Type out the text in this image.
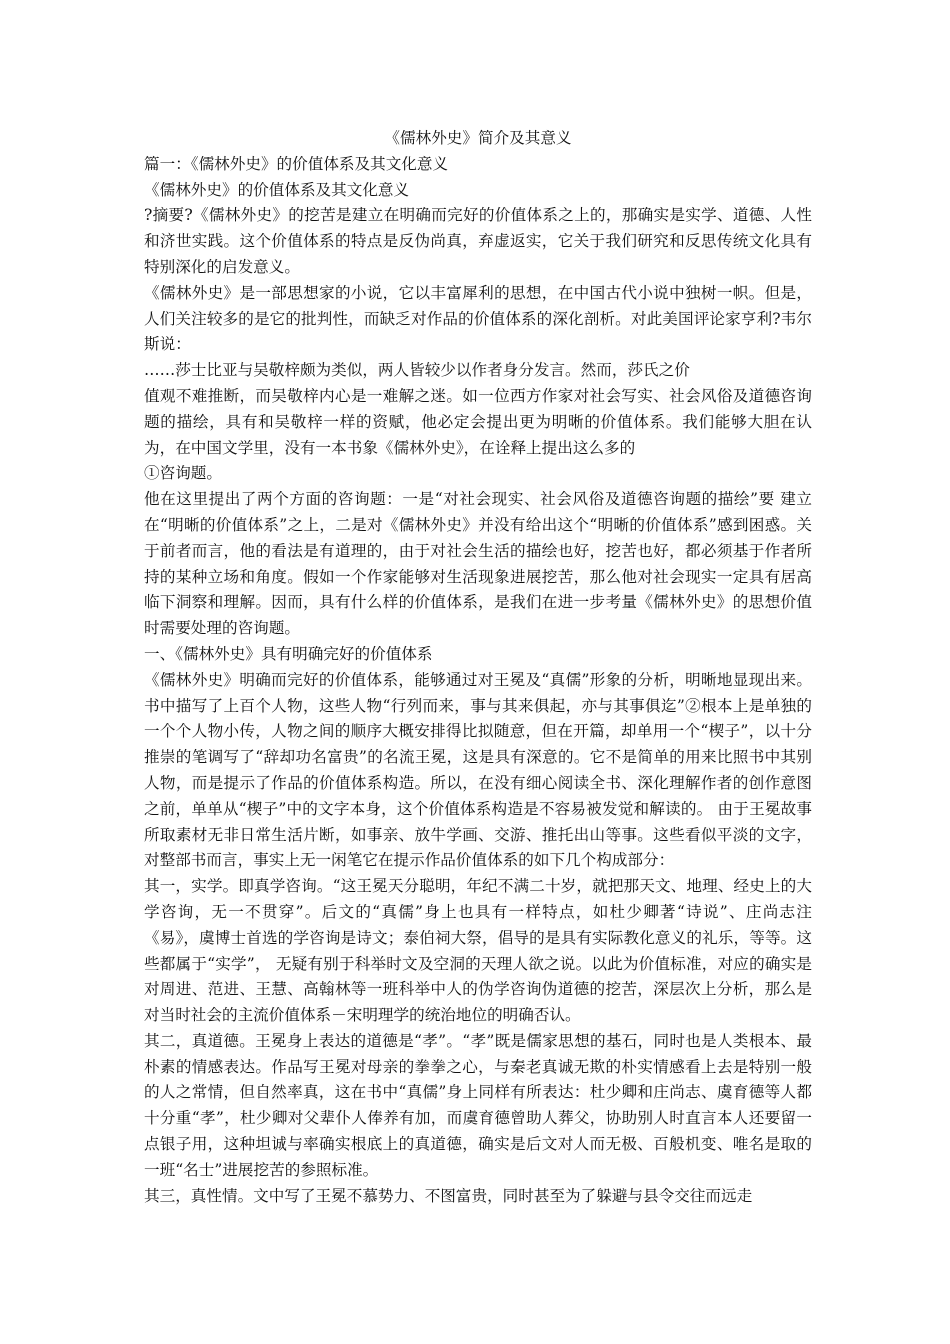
《儒林外史》简介及其意义

篇一：《儒林外史》的价值体系及其文化意义

《儒林外史》的价值体系及其文化意义

?摘要?《儒林外史》的挖苦是建立在明确而完好的价值体系之上的，那确实是实学、道德、人性和济世实践。这个价值体系的特点是反伪尚真，弃虚返实，它关于我们研究和反思传统文化具有特别深化的启发意义。

《儒林外史》是一部思想家的小说，它以丰富犀利的思想，在中国古代小说中独树一帜。但是，人们关注较多的是它的批判性，而缺乏对作品的价值体系的深化剖析。对此美国评论家亨利?韦尔斯说：

……莎士比亚与吴敬梓颇为类似，两人皆较少以作者身分发言。然而，莎氏之价

值观不难推断，而吴敬梓内心是一难解之迷。如一位西方作家对社会写实、社会风俗及道德咨询题的描绘，具有和吴敬梓一样的资赋，他必定会提出更为明晰的价值体系。我们能够大胆在认为，在中国文学里，没有一本书象《儒林外史》，在诠释上提出这么多的

①咨询题。

他在这里提出了两个方面的咨询题：一是“对社会现实、社会风俗及道德咨询题的描绘”要 建立在“明晰的价值体系”之上，二是对《儒林外史》并没有给出这个“明晰的价值体系”感到困惑。关于前者而言，他的看法是有道理的，由于对社会生活的描绘也好，挖苦也好，都必须基于作者所持的某种立场和角度。假如一个作家能够对生活现象进展挖苦，那么他对社会现实一定具有居高临下洞察和理解。因而，具有什么样的价值体系，是我们在进一步考量《儒林外史》的思想价值时需要处理的咨询题。

一、《儒林外史》具有明确完好的价值体系

《儒林外史》明确而完好的价值体系，能够通过对王冕及“真儒”形象的分析，明晰地显现出来。书中描写了上百个人物，这些人物“行列而来，事与其来俱起，亦与其事俱迄”②根本上是单独的一个个人物小传，人物之间的顺序大概安排得比拟随意，但在开篇，却单用一个“楔子”，以十分推崇的笔调写了“辞却功名富贵”的名流王冕，这是具有深意的。它不是简单的用来比照书中其别人物，而是提示了作品的价值体系构造。所以，在没有细心阅读全书、深化理解作者的创作意图之前，单单从“楔子”中的文字本身，这个价值体系构造是不容易被发觉和解读的。 由于王冕故事所取素材无非日常生活片断，如事亲、放牛学画、交游、推托出山等事。这些看似平淡的文字，对整部书而言，事实上无一闲笔它在提示作品价值体系的如下几个构成部分：

其一，实学。即真学咨询。“这王冕天分聪明，年纪不满二十岁，就把那天文、地理、经史上的大学咨询，无一不贯穿”。后文的“真儒”身上也具有一样特点，如杜少卿著“诗说”、庄尚志注《易》，虞博士首选的学咨询是诗文；泰伯祠大祭，倡导的是具有实际教化意义的礼乐，等等。这些都属于“实学”， 无疑有别于科举时文及空洞的天理人欲之说。以此为价值标准，对应的确实是对周进、范进、王慧、高翰林等一班科举中人的伪学咨询伪道德的挖苦，深层次上分析，那么是对当时社会的主流价值体系－宋明理学的统治地位的明确否认。

其二，真道德。王冕身上表达的道德是“孝”。“孝”既是儒家思想的基石，同时也是人类根本、最朴素的情感表达。作品写王冕对母亲的拳拳之心，与秦老真诚无欺的朴实情感看上去是特别一般的人之常情，但自然率真，这在书中“真儒”身上同样有所表达：杜少卿和庄尚志、虞育德等人都十分重“孝”，杜少卿对父辈仆人俸养有加，而虞育德曾助人葬父，协助别人时直言本人还要留一点银子用，这种坦诚与率确实根底上的真道德，确实是后文对人而无极、百般机变、唯名是取的一班“名士”进展挖苦的参照标准。

其三，真性情。文中写了王冕不慕势力、不图富贵，同时甚至为了躲避与县令交往而远走
